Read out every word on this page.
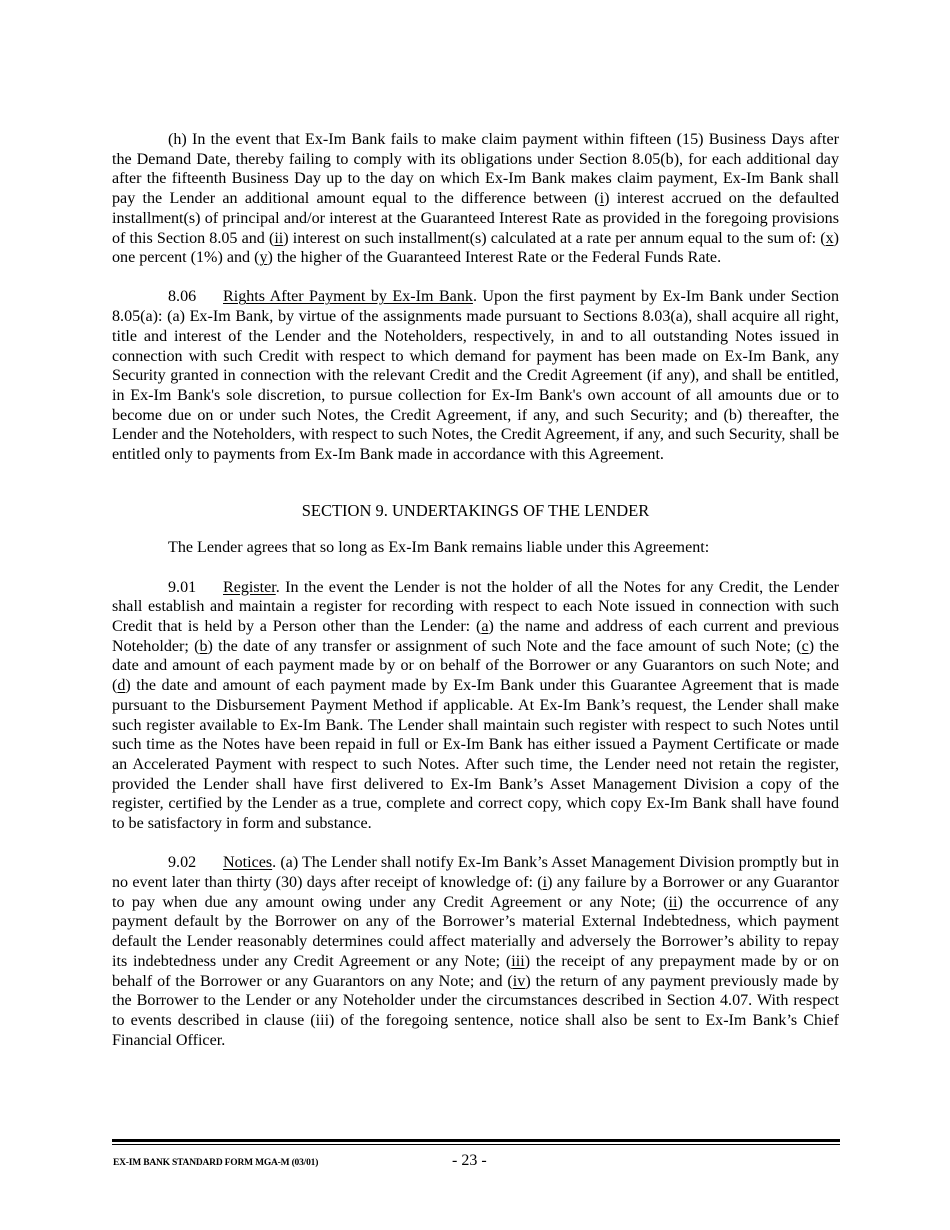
(h) In the event that Ex-Im Bank fails to make claim payment within fifteen (15) Business Days after the Demand Date, thereby failing to comply with its obligations under Section 8.05(b), for each additional day after the fifteenth Business Day up to the day on which Ex-Im Bank makes claim payment, Ex-Im Bank shall pay the Lender an additional amount equal to the difference between (i) interest accrued on the defaulted installment(s) of principal and/or interest at the Guaranteed Interest Rate as provided in the foregoing provisions of this Section 8.05 and (ii) interest on such installment(s) calculated at a rate per annum equal to the sum of: (x) one percent (1%) and (y) the higher of the Guaranteed Interest Rate or the Federal Funds Rate.

8.06 Rights After Payment by Ex-Im Bank. Upon the first payment by Ex-Im Bank under Section 8.05(a): (a) Ex-Im Bank, by virtue of the assignments made pursuant to Sections 8.03(a), shall acquire all right, title and interest of the Lender and the Noteholders, respectively, in and to all outstanding Notes issued in connection with such Credit with respect to which demand for payment has been made on Ex-Im Bank, any Security granted in connection with the relevant Credit and the Credit Agreement (if any), and shall be entitled, in Ex-Im Bank's sole discretion, to pursue collection for Ex-Im Bank's own account of all amounts due or to become due on or under such Notes, the Credit Agreement, if any, and such Security; and (b) thereafter, the Lender and the Noteholders, with respect to such Notes, the Credit Agreement, if any, and such Security, shall be entitled only to payments from Ex-Im Bank made in accordance with this Agreement.

SECTION 9. UNDERTAKINGS OF THE LENDER

The Lender agrees that so long as Ex-Im Bank remains liable under this Agreement:

9.01 Register. In the event the Lender is not the holder of all the Notes for any Credit, the Lender shall establish and maintain a register for recording with respect to each Note issued in connection with such Credit that is held by a Person other than the Lender: (a) the name and address of each current and previous Noteholder; (b) the date of any transfer or assignment of such Note and the face amount of such Note; (c) the date and amount of each payment made by or on behalf of the Borrower or any Guarantors on such Note; and (d) the date and amount of each payment made by Ex-Im Bank under this Guarantee Agreement that is made pursuant to the Disbursement Payment Method if applicable. At Ex-Im Bank’s request, the Lender shall make such register available to Ex-Im Bank. The Lender shall maintain such register with respect to such Notes until such time as the Notes have been repaid in full or Ex-Im Bank has either issued a Payment Certificate or made an Accelerated Payment with respect to such Notes. After such time, the Lender need not retain the register, provided the Lender shall have first delivered to Ex-Im Bank’s Asset Management Division a copy of the register, certified by the Lender as a true, complete and correct copy, which copy Ex-Im Bank shall have found to be satisfactory in form and substance.

9.02 Notices. (a) The Lender shall notify Ex-Im Bank’s Asset Management Division promptly but in no event later than thirty (30) days after receipt of knowledge of: (i) any failure by a Borrower or any Guarantor to pay when due any amount owing under any Credit Agreement or any Note; (ii) the occurrence of any payment default by the Borrower on any of the Borrower’s material External Indebtedness, which payment default the Lender reasonably determines could affect materially and adversely the Borrower’s ability to repay its indebtedness under any Credit Agreement or any Note; (iii) the receipt of any prepayment made by or on behalf of the Borrower or any Guarantors on any Note; and (iv) the return of any payment previously made by the Borrower to the Lender or any Noteholder under the circumstances described in Section 4.07. With respect to events described in clause (iii) of the foregoing sentence, notice shall also be sent to Ex-Im Bank’s Chief Financial Officer.

EX-IM BANK STANDARD FORM MGA-M (03/01)	- 23 -
